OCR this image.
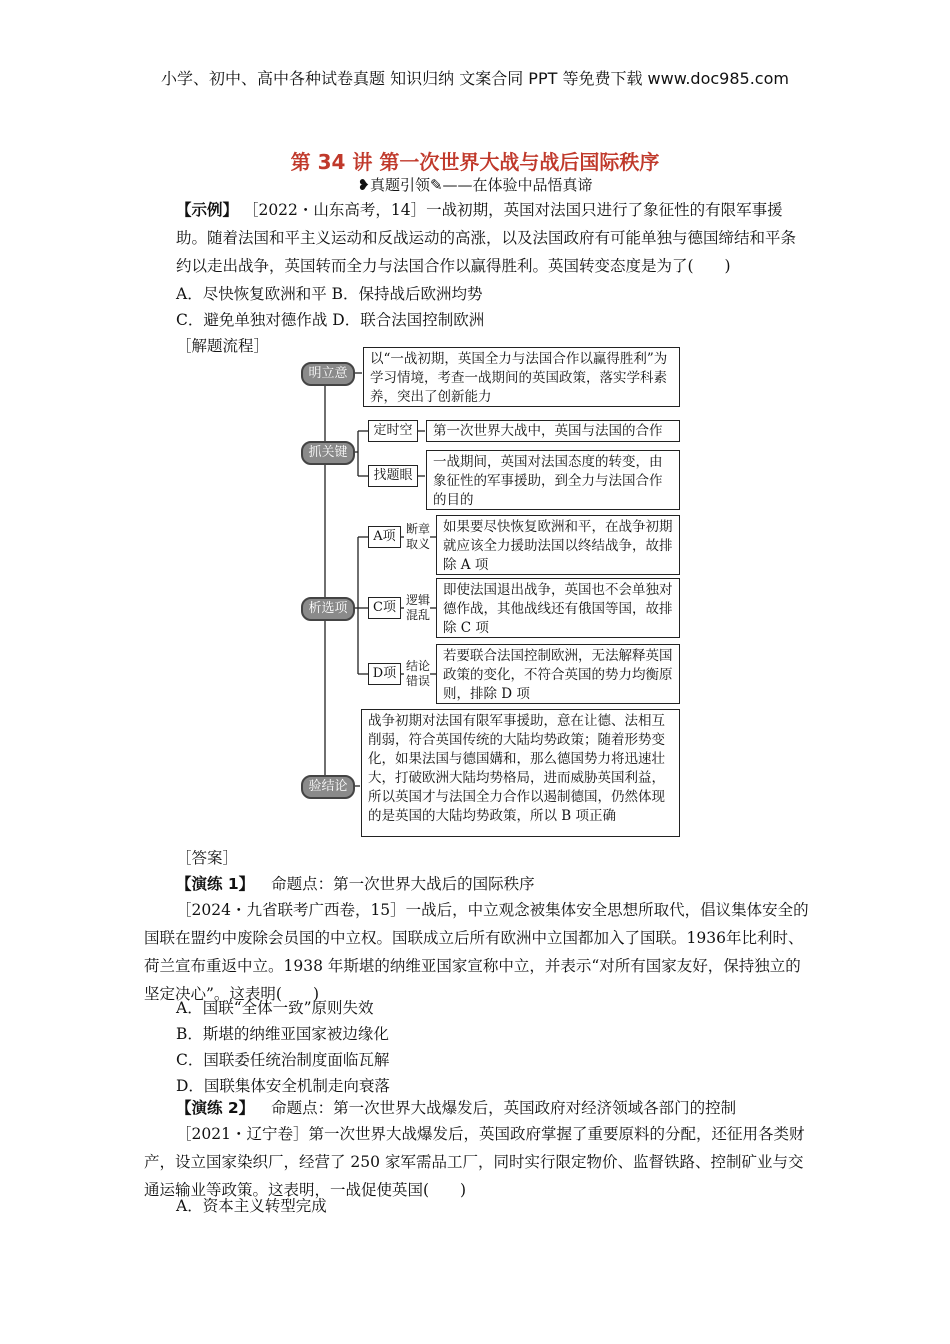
小学、初中、高中各种试卷真题 知识归纳 文案合同 PPT 等免费下载 www.doc985.com
第 34 讲 第一次世界大战与战后国际秩序
❥真题引领✎——在体验中品悟真谛
【示例】 ［2022・山东高考，14］一战初期，英国对法国只进行了象征性的有限军事援助。随着法国和平主义运动和反战运动的高涨，以及法国政府有可能单独与德国缔结和平条约以走出战争，英国转而全力与法国合作以赢得胜利。英国转变态度是为了(　　)
A．尽快恢复欧洲和平 B．保持战后欧洲均势
C．避免单独对德作战 D．联合法国控制欧洲
［解题流程］
明立意
以“一战初期，英国全力与法国合作以赢得胜利”为学习情境，考查一战期间的英国政策，落实学科素养，突出了创新能力
抓关键
定时空	第一次世界大战中，英国与法国的合作
找题眼
一战期间，英国对法国态度的转变，由象征性的军事援助，到全力与法国合作的目的
析选项
A项 断章取义
如果要尽快恢复欧洲和平，在战争初期就应该全力援助法国以终结战争，故排除 A 项
C项 逻辑混乱
即使法国退出战争，英国也不会单独对德作战，其他战线还有俄国等国，故排除 C 项
D项 结论错误
若要联合法国控制欧洲，无法解释英国政策的变化，不符合英国的势力均衡原则，排除 D 项
验结论
战争初期对法国有限军事援助，意在让德、法相互削弱，符合英国传统的大陆均势政策；随着形势变化，如果法国与德国媾和，那么德国势力将迅速壮大，打破欧洲大陆均势格局，进而威胁英国利益，所以英国才与法国全力合作以遏制德国，仍然体现的是英国的大陆均势政策，所以 B 项正确
［答案］
【演练 1】 命题点：第一次世界大战后的国际秩序
［2024・九省联考广西卷，15］一战后，中立观念被集体安全思想所取代，倡议集体安全的国联在盟约中废除会员国的中立权。国联成立后所有欧洲中立国都加入了国联。1936年比利时、荷兰宣布重返中立。1938 年斯堪的纳维亚国家宣称中立，并表示“对所有国家友好，保持独立的坚定决心”。这表明(　　)
A．国联“全体一致”原则失效
B．斯堪的纳维亚国家被边缘化
C．国联委任统治制度面临瓦解
D．国联集体安全机制走向衰落
【演练 2】 命题点：第一次世界大战爆发后，英国政府对经济领域各部门的控制
［2021・辽宁卷］第一次世界大战爆发后，英国政府掌握了重要原料的分配，还征用各类财产，设立国家染织厂，经营了 250 家军需品工厂，同时实行限定物价、监督铁路、控制矿业与交通运输业等政策。这表明，一战促使英国(　　)
A．资本主义转型完成
